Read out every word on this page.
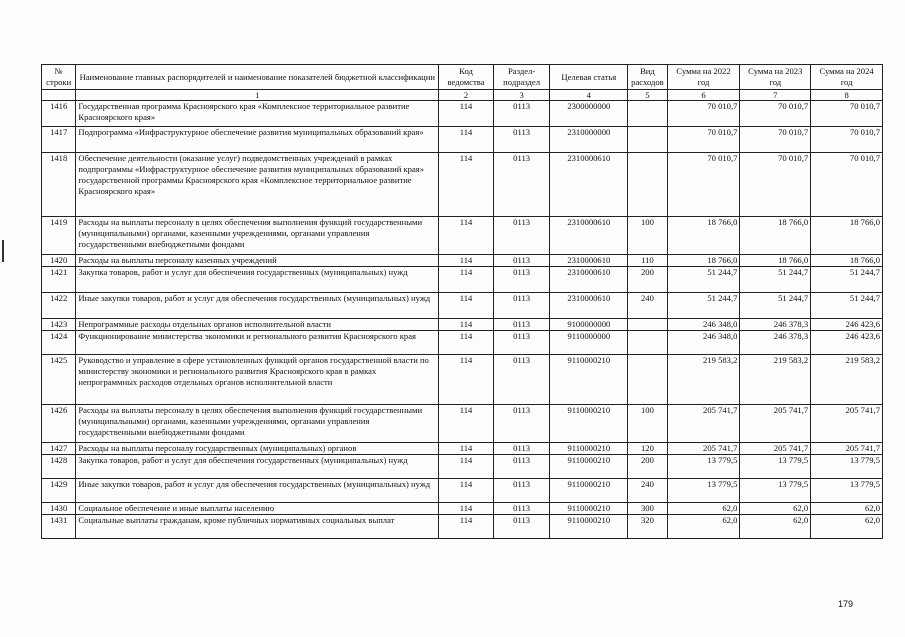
№ строки	Наименование главных распорядителей и наименование показателей бюджетной классификации	Код ведомства	Раздел-подраздел	Целевая статья	Вид расходов	Сумма на 2022 год	Сумма на 2023 год	Сумма на 2024 год
	1	2	3	4	5	6	7	8
1416	Государственная программа Красноярского края «Комплексное территориальное развитие Красноярского края»	114	0113	2300000000		70 010,7	70 010,7	70 010,7
1417	Подпрограмма «Инфраструктурное обеспечение развития муниципальных образований края»	114	0113	2310000000		70 010,7	70 010,7	70 010,7
1418	Обеспечение деятельности (оказание услуг) подведомственных учреждений в рамках подпрограммы «Инфраструктурное обеспечение развития муниципальных образований края» государственной программы Красноярского края «Комплексное территориальное развитие Красноярского края»	114	0113	2310000610		70 010,7	70 010,7	70 010,7
1419	Расходы на выплаты персоналу в целях обеспечения выполнения функций государственными (муниципальными) органами, казенными учреждениями, органами управления государственными внебюджетными фондами	114	0113	2310000610	100	18 766,0	18 766,0	18 766,0
1420	Расходы на выплаты персоналу казенных учреждений	114	0113	2310000610	110	18 766,0	18 766,0	18 766,0
1421	Закупка товаров, работ и услуг для обеспечения государственных (муниципальных) нужд	114	0113	2310000610	200	51 244,7	51 244,7	51 244,7
1422	Иные закупки товаров, работ и услуг для обеспечения государственных (муниципальных) нужд	114	0113	2310000610	240	51 244,7	51 244,7	51 244,7
1423	Непрограммные расходы отдельных органов исполнительной власти	114	0113	9100000000		246 348,0	246 378,3	246 423,6
1424	Функционирование министерства экономики и регионального развития Красноярского края	114	0113	9110000000		246 348,0	246 378,3	246 423,6
1425	Руководство и управление в сфере установленных функций органов государственной власти по министерству экономики и регионального развития Красноярского края в рамках непрограммных расходов отдельных органов исполнительной власти	114	0113	9110000210		219 583,2	219 583,2	219 583,2
1426	Расходы на выплаты персоналу в целях обеспечения выполнения функций государственными (муниципальными) органами, казенными учреждениями, органами управления государственными внебюджетными фондами	114	0113	9110000210	100	205 741,7	205 741,7	205 741,7
1427	Расходы на выплаты персоналу государственных (муниципальных) органов	114	0113	9110000210	120	205 741,7	205 741,7	205 741,7
1428	Закупка товаров, работ и услуг для обеспечения государственных (муниципальных) нужд	114	0113	9110000210	200	13 779,5	13 779,5	13 779,5
1429	Иные закупки товаров, работ и услуг для обеспечения государственных (муниципальных) нужд	114	0113	9110000210	240	13 779,5	13 779,5	13 779,5
1430	Социальное обеспечение и иные выплаты населению	114	0113	9110000210	300	62,0	62,0	62,0
1431	Социальные выплаты гражданам, кроме публичных нормативных социальных выплат	114	0113	9110000210	320	62,0	62,0	62,0
179
